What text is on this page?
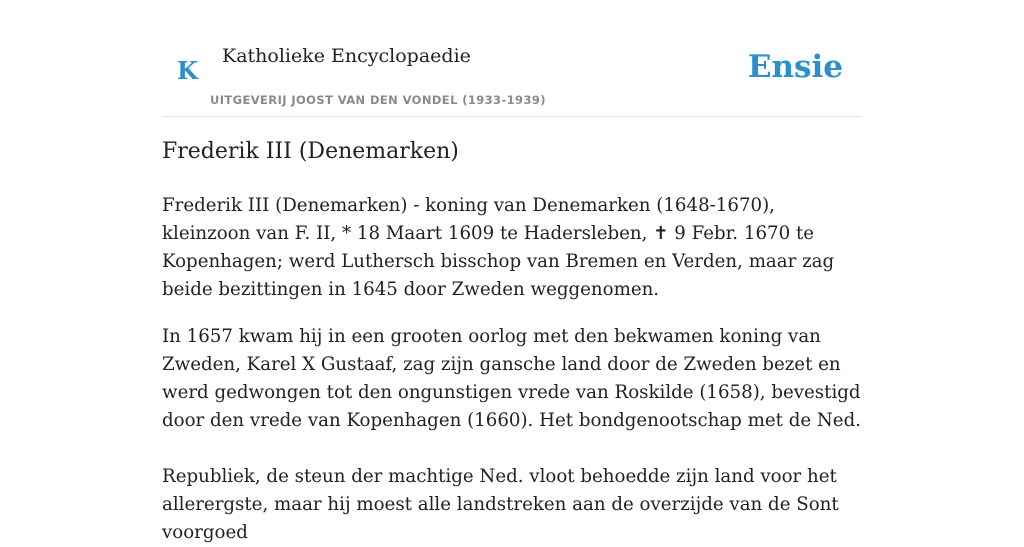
K Katholieke Encyclopaedie
UITGEVERIJ JOOST VAN DEN VONDEL (1933-1939)
Ensie
Frederik III (Denemarken)

Frederik III (Denemarken) - koning van Denemarken (1648-1670), kleinzoon van F. II, * 18 Maart 1609 te Hadersleben, ✝ 9 Febr. 1670 te Kopenhagen; werd Luthersch bisschop van Bremen en Verden, maar zag beide bezittingen in 1645 door Zweden weggenomen.

In 1657 kwam hij in een grooten oorlog met den bekwamen koning van Zweden, Karel X Gustaaf, zag zijn gansche land door de Zweden bezet en werd gedwongen tot den ongunstigen vrede van Roskilde (1658), bevestigd door den vrede van Kopenhagen (1660). Het bondgenootschap met de Ned.

Republiek, de steun der machtige Ned. vloot behoedde zijn land voor het allerergste, maar hij moest alle landstreken aan de overzijde van de Sont voorgoed
